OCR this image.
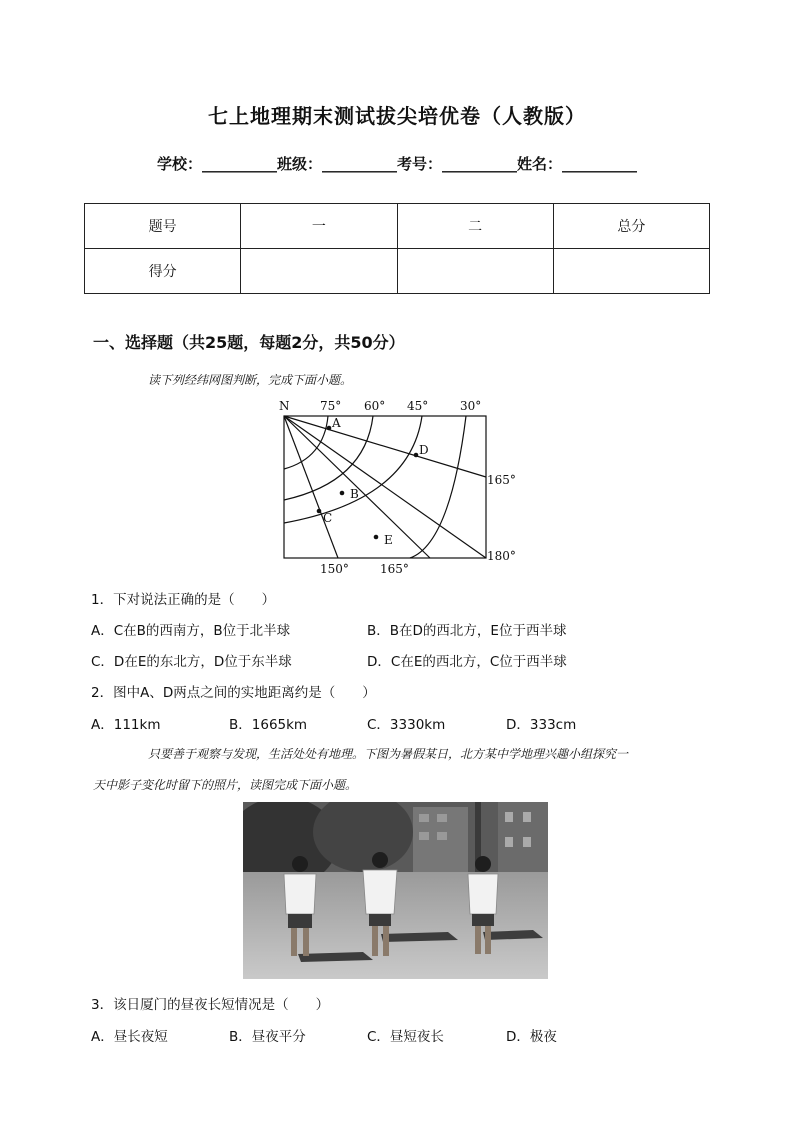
七上地理期末测试拔尖培优卷（人教版）
学校：__________班级：__________考号：__________姓名：__________
题号	一	二	总分
得分			
一、选择题（共25题，每题2分，共50分）
读下列经纬网图判断，完成下面小题。
N	75° 60° 45°	30°
165°
180°
150°	165°
A
B
C
D
E
1．下对说法正确的是（　　）
A．C在B的西南方，B位于北半球	B．B在D的西北方，E位于西半球
C．D在E的东北方，D位于东半球	D．C在E的西北方，C位于西半球
2．图中A、D两点之间的实地距离约是（　　）
A．111km	B．1665km	C．3330km	D．333cm
只要善于观察与发现，生活处处有地理。下图为暑假某日，北方某中学地理兴趣小组探究一
天中影子变化时留下的照片，读图完成下面小题。
3．该日厦门的昼夜长短情况是（　　）
A．昼长夜短	B．昼夜平分	C．昼短夜长	D．极夜
